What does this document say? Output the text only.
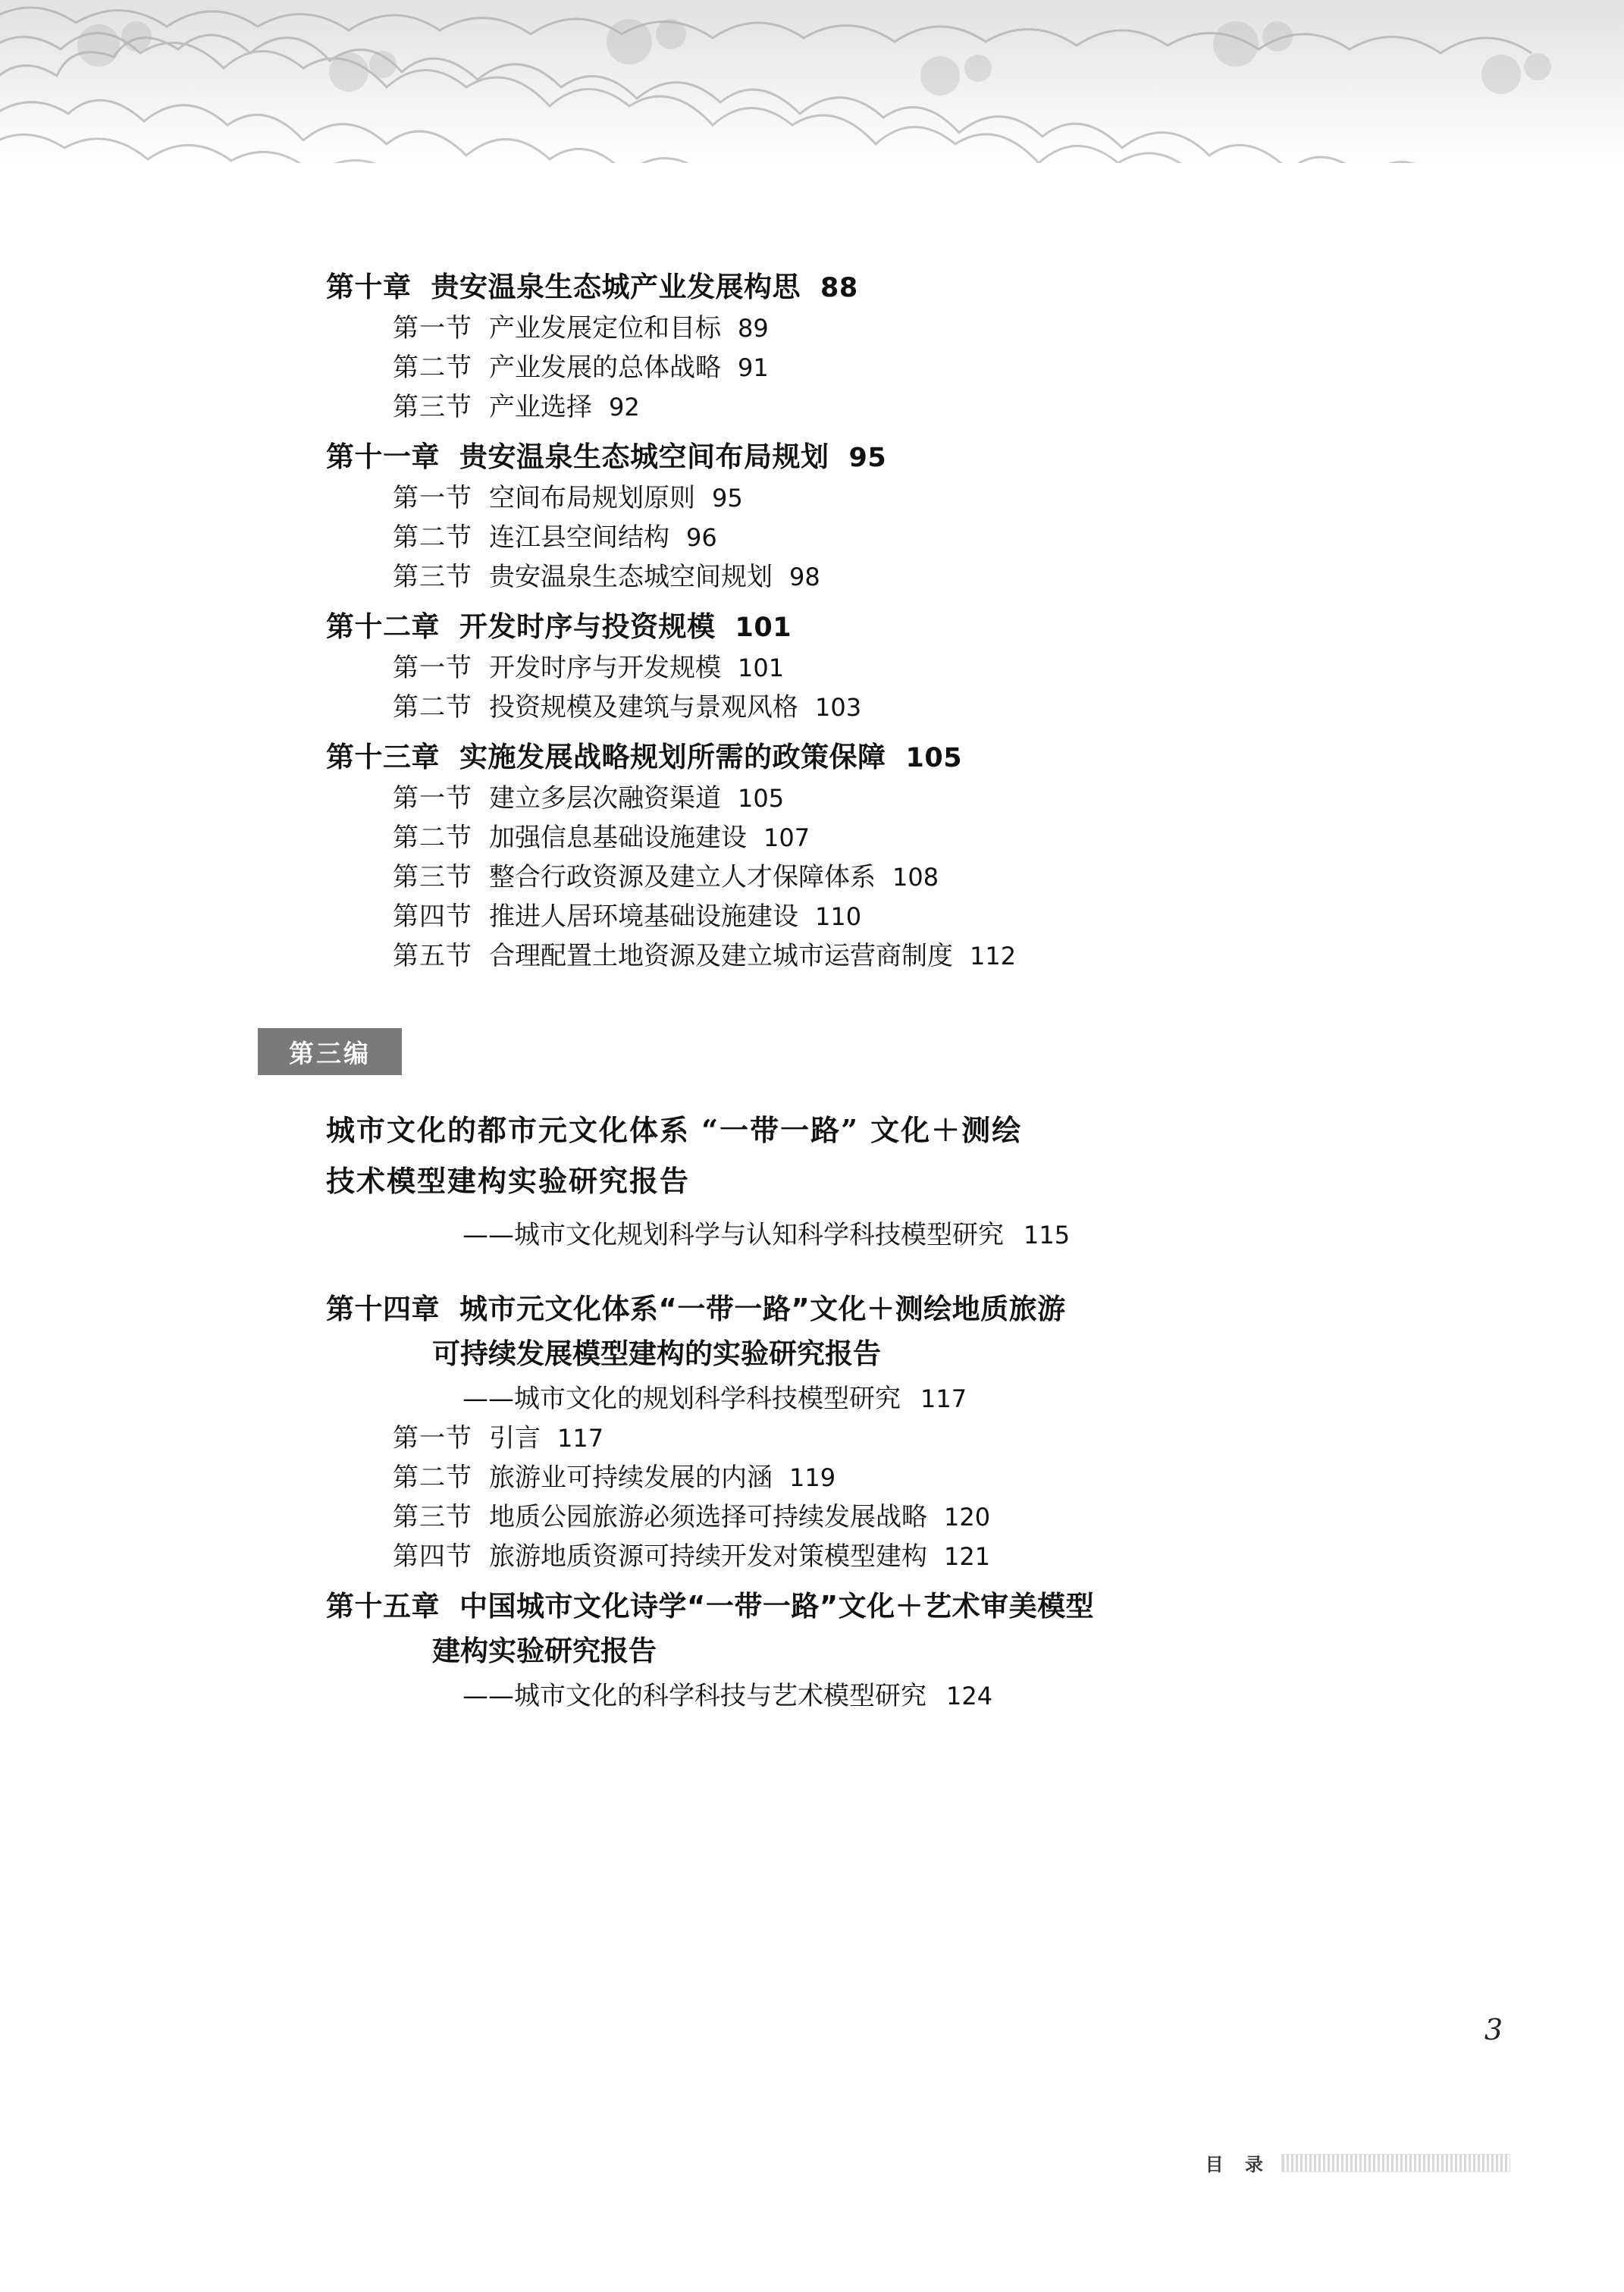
第十章 贵安温泉生态城产业发展构思 88
第一节 产业发展定位和目标 89
第二节 产业发展的总体战略 91
第三节 产业选择 92
第十一章 贵安温泉生态城空间布局规划 95
第一节 空间布局规划原则 95
第二节 连江县空间结构 96
第三节 贵安温泉生态城空间规划 98
第十二章 开发时序与投资规模 101
第一节 开发时序与开发规模 101
第二节 投资规模及建筑与景观风格 103
第十三章 实施发展战略规划所需的政策保障 105
第一节 建立多层次融资渠道 105
第二节 加强信息基础设施建设 107
第三节 整合行政资源及建立人才保障体系 108
第四节 推进人居环境基础设施建设 110
第五节 合理配置土地资源及建立城市运营商制度 112
第三编
城市文化的都市元文化体系 “一带一路” 文化＋测绘
技术模型建构实验研究报告
——城市文化规划科学与认知科学科技模型研究 115
第十四章 城市元文化体系“一带一路”文化＋测绘地质旅游
可持续发展模型建构的实验研究报告
——城市文化的规划科学科技模型研究 117
第一节 引言 117
第二节 旅游业可持续发展的内涵 119
第三节 地质公园旅游必须选择可持续发展战略 120
第四节 旅游地质资源可持续开发对策模型建构 121
第十五章 中国城市文化诗学“一带一路”文化＋艺术审美模型
建构实验研究报告
——城市文化的科学科技与艺术模型研究 124
3
目 录
